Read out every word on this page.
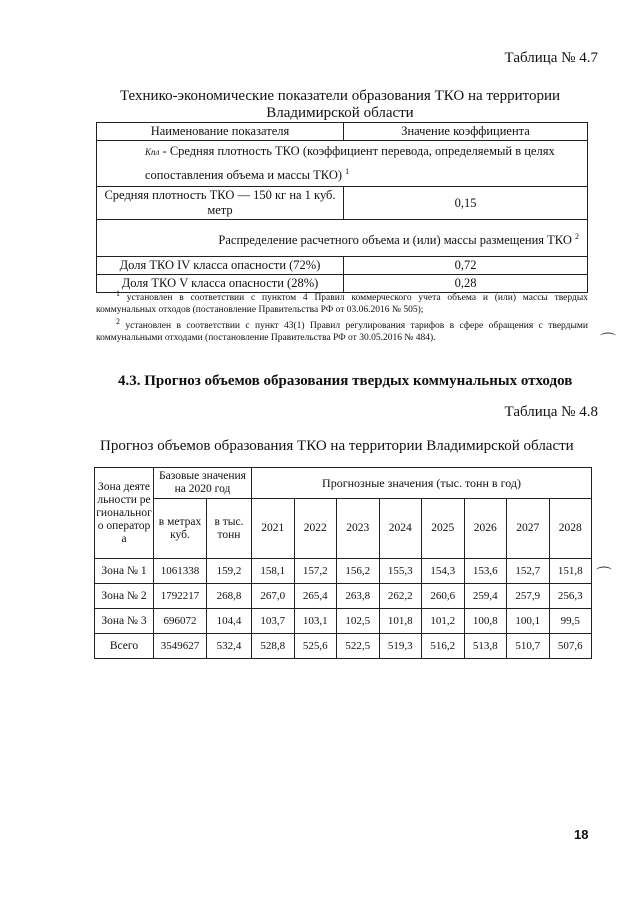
Таблица № 4.7
Технико-экономические показатели образования ТКО на территории Владимирской области
Наименование показателя	Значение коэффициента
Кпл - Средняя плотность ТКО (коэффициент перевода, определяемый в целях сопоставления объема и массы ТКО) $^1$
Средняя плотность ТКО — 150 кг на 1 куб. метр	0,15
Распределение расчетного объема и (или) массы размещения ТКО $^2$
Доля ТКО IV класса опасности (72%)	0,72
Доля ТКО V класса опасности (28%)	0,28

$^1$ установлен в соответствии с пунктом 4 Правил коммерческого учета объема и (или) массы твердых коммунальных отходов (постановление Правительства РФ от 03.06.2016 № 505);

$^2$ установлен в соответствии с пункт 43(1) Правил регулирования тарифов в сфере обращения с твердыми коммунальными отходами (постановление Правительства РФ от 30.05.2016 № 484).	⌒
4.3. Прогноз объемов образования твердых коммунальных отходов
Таблица № 4.8
Прогноз объемов образования ТКО на территории Владимирской области
Зона деятельности регионального оператора	Базовые значения на 2020 год		Прогнозные значения (тыс. тонн в год)							
	в метрах куб.	в тыс. тонн	2021	2022	2023	2024	2025	2026	2027	2028
Зона № 1	1061338	159,2	158,1	157,2	156,2	155,3	154,3	153,6	152,7	151,8
Зона № 2	1792217	268,8	267,0	265,4	263,8	262,2	260,6	259,4	257,9	256,3
Зона № 3	696072	104,4	103,7	103,1	102,5	101,8	101,2	100,8	100,1	99,5
Всего	3549627	532,4	528,8	525,6	522,5	519,3	516,2	513,8	510,7	507,6
⌒
18
